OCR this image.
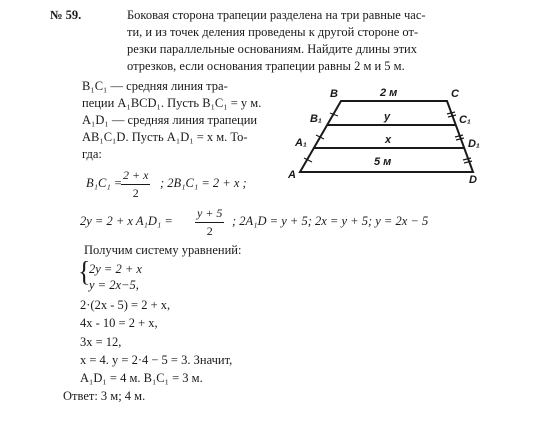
№ 59.	Боковая сторона трапеции разделена на три равные час-
ти, и из точек деления проведены к другой стороне от-
резки параллельные основаниям. Найдите длины этих
отрезков, если основания трапеции равны 2 м и 5 м.
B₁C₁ — средняя линия тра-
пеции A₁BCD₁. Пусть B₁C₁ = y м.
A₁D₁ — средняя линия трапеции
AB₁C₁D. Пусть A₁D₁ = x м. То-
гда:
B₁C₁ =
2 + x
2
; 2B₁C₁ = 2 + x ;
2y = 2 + x A₁D₁ =
y + 5
2
; 2A₁D = y + 5; 2x = y + 5; y = 2x − 5
Получим систему уравнений:
{
2y = 2 + x
y = 2x−5,
2·(2x - 5) = 2 + x,
4x - 10 = 2 + x,
3x = 12,
x = 4. y = 2·4 − 5 = 3. Значит,
A₁D₁ = 4 м. B₁C₁ = 3 м.
Ответ: 3 м; 4 м.
B	C
B₁	C₁
A₁	D₁
A	D
2 м
y
x
5 м
